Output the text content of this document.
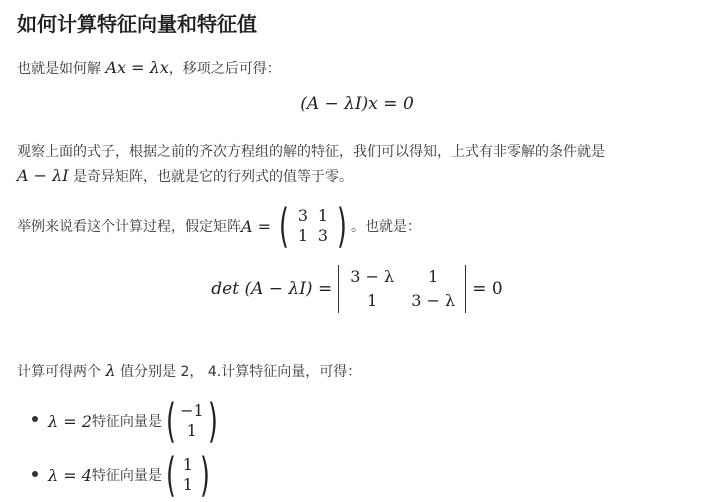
如何计算特征向量和特征值
也就是如何解 Ax = λx，移项之后可得：
(A − λI)x = 0
观察上面的式子，根据之前的齐次方程组的解的特征，我们可以得知，上式有非零解的条件就是
A − λI 是奇异矩阵，也就是它的行列式的值等于零。
举例来说看这个计算过程，假定矩阵 A = ( 3 1
1 3 ) 。也就是：
det (A − λI) =
3 − λ	1
1	3 − λ
= 0
计算可得两个 λ 值分别是 2， 4.计算特征向量，可得：
λ = 2 特征向量是 ( −1
1 )
λ = 4 特征向量是 ( 1
1 )
